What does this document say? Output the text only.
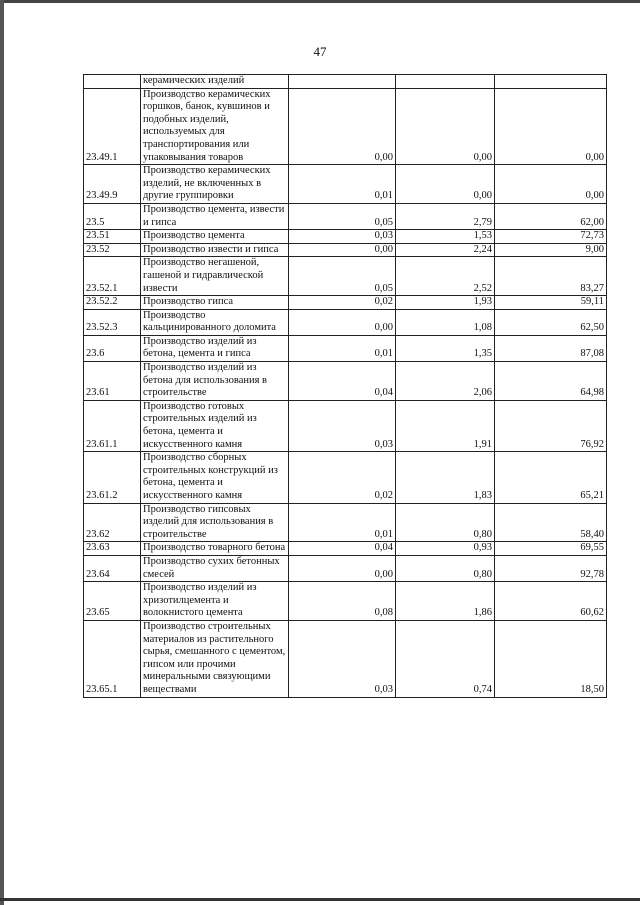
47
	керамических изделий			
23.49.1	Производство керамических горшков, банок, кувшинов и подобных изделий, используемых для транспортирования или упаковывания товаров	0,00	0,00	0,00
23.49.9	Производство керамических изделий, не включенных в другие группировки	0,01	0,00	0,00
23.5	Производство цемента, извести и гипса	0,05	2,79	62,00
23.51	Производство цемента	0,03	1,53	72,73
23.52	Производство извести и гипса	0,00	2,24	9,00
23.52.1	Производство негашеной, гашеной и гидравлической извести	0,05	2,52	83,27
23.52.2	Производство гипса	0,02	1,93	59,11
23.52.3	Производство кальцинированного доломита	0,00	1,08	62,50
23.6	Производство изделий из бетона, цемента и гипса	0,01	1,35	87,08
23.61	Производство изделий из бетона для использования в строительстве	0,04	2,06	64,98
23.61.1	Производство готовых строительных изделий из бетона, цемента и искусственного камня	0,03	1,91	76,92
23.61.2	Производство сборных строительных конструкций из бетона, цемента и искусственного камня	0,02	1,83	65,21
23.62	Производство гипсовых изделий для использования в строительстве	0,01	0,80	58,40
23.63	Производство товарного бетона	0,04	0,93	69,55
23.64	Производство сухих бетонных смесей	0,00	0,80	92,78
23.65	Производство изделий из хризотилцемента и волокнистого цемента	0,08	1,86	60,62
23.65.1	Производство строительных материалов из растительного сырья, смешанного с цементом, гипсом или прочими минеральными связующими веществами	0,03	0,74	18,50
